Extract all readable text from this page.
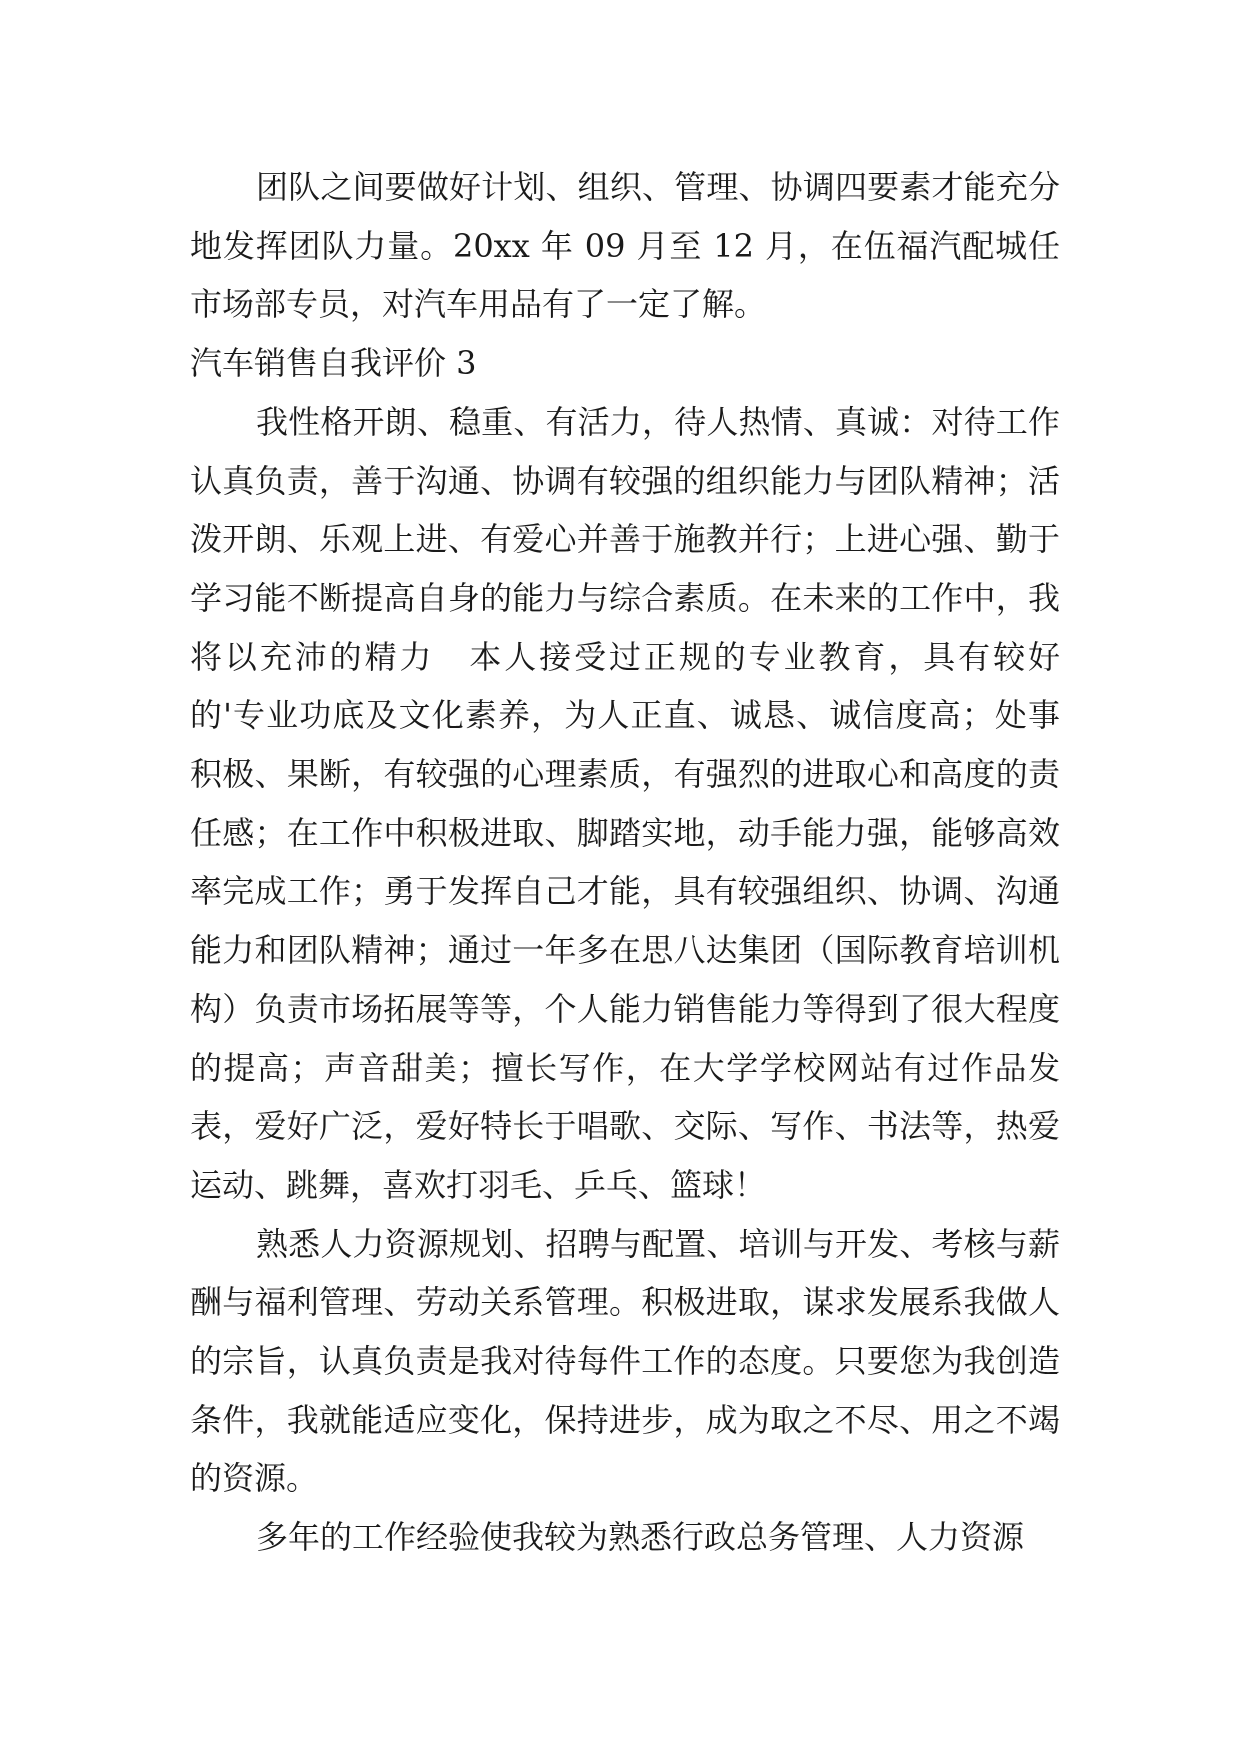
团队之间要做好计划、组织、管理、协调四要素才能充分地发挥团队力量。20xx 年 09 月至 12 月，在伍福汽配城任市场部专员，对汽车用品有了一定了解。

汽车销售自我评价 3

我性格开朗、稳重、有活力，待人热情、真诚：对待工作认真负责，善于沟通、协调有较强的组织能力与团队精神；活泼开朗、乐观上进、有爱心并善于施教并行；上进心强、勤于学习能不断提高自身的能力与综合素质。在未来的工作中，我将以充沛的精力　本人接受过正规的专业教育，具有较好的'专业功底及文化素养，为人正直、诚恳、诚信度高；处事积极、果断，有较强的心理素质，有强烈的进取心和高度的责任感；在工作中积极进取、脚踏实地，动手能力强，能够高效率完成工作；勇于发挥自己才能，具有较强组织、协调、沟通能力和团队精神；通过一年多在思八达集团（国际教育培训机构）负责市场拓展等等，个人能力销售能力等得到了很大程度的提高；声音甜美；擅长写作，在大学学校网站有过作品发表，爱好广泛，爱好特长于唱歌、交际、写作、书法等，热爱运动、跳舞，喜欢打羽毛、乒乓、篮球！

熟悉人力资源规划、招聘与配置、培训与开发、考核与薪酬与福利管理、劳动关系管理。积极进取，谋求发展系我做人的宗旨，认真负责是我对待每件工作的态度。只要您为我创造条件，我就能适应变化，保持进步，成为取之不尽、用之不竭的资源。

多年的工作经验使我较为熟悉行政总务管理、人力资源
